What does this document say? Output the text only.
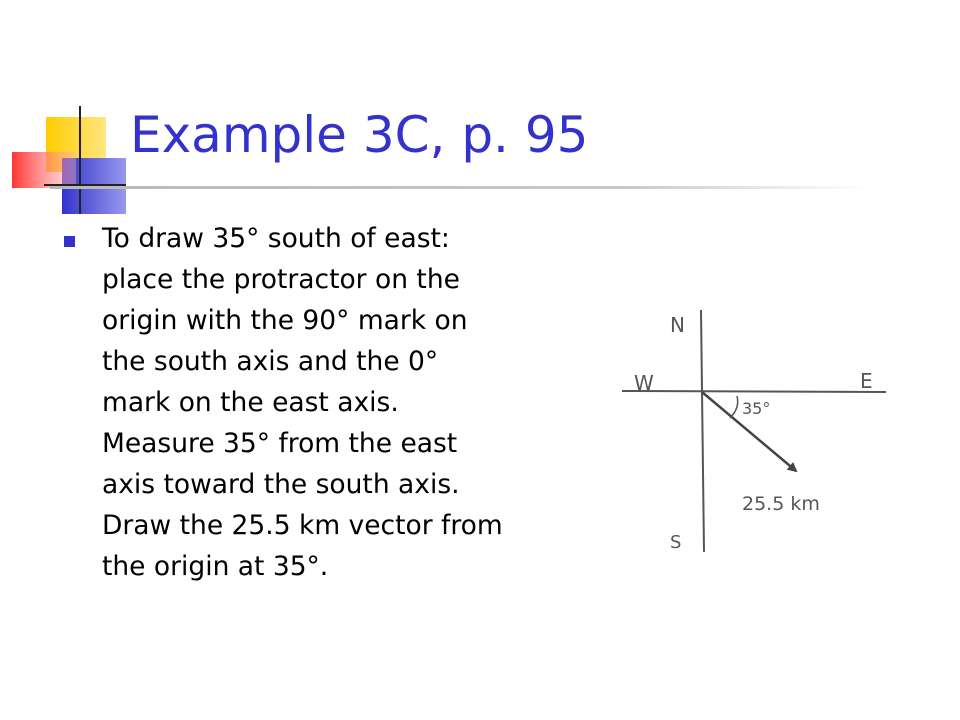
Example 3C, p. 95
To draw 35° south of east: place the protractor on the origin with the 90° mark on the south axis and the 0° mark on the east axis. Measure 35° from the east axis toward the south axis. Draw the 25.5 km vector from the origin at 35°.
N
W	E
S
35°
25.5 km
